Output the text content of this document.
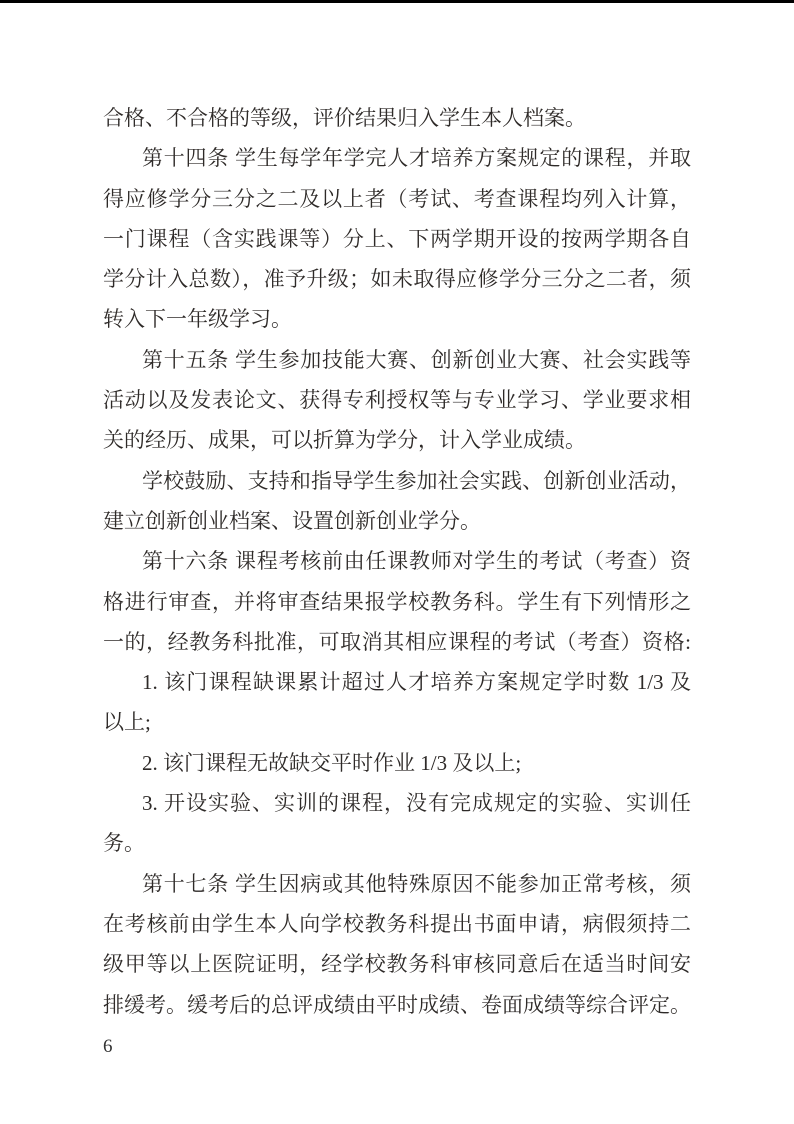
合格、不合格的等级，评价结果归入学生本人档案。
第十四条 学生每学年学完人才培养方案规定的课程，并取
得应修学分三分之二及以上者（考试、考查课程均列入计算，
一门课程（含实践课等）分上、下两学期开设的按两学期各自
学分计入总数），准予升级；如未取得应修学分三分之二者，须
转入下一年级学习。
第十五条 学生参加技能大赛、创新创业大赛、社会实践等
活动以及发表论文、获得专利授权等与专业学习、学业要求相
关的经历、成果，可以折算为学分，计入学业成绩。
学校鼓励、支持和指导学生参加社会实践、创新创业活动，
建立创新创业档案、设置创新创业学分。
第十六条 课程考核前由任课教师对学生的考试（考查）资
格进行审查，并将审查结果报学校教务科。学生有下列情形之
一的，经教务科批准，可取消其相应课程的考试（考查）资格:
1. 该门课程缺课累计超过人才培养方案规定学时数 1/3 及
以上;
2. 该门课程无故缺交平时作业 1/3 及以上;
3. 开设实验、实训的课程，没有完成规定的实验、实训任
务。
第十七条 学生因病或其他特殊原因不能参加正常考核，须
在考核前由学生本人向学校教务科提出书面申请，病假须持二
级甲等以上医院证明，经学校教务科审核同意后在适当时间安
排缓考。缓考后的总评成绩由平时成绩、卷面成绩等综合评定。
6
